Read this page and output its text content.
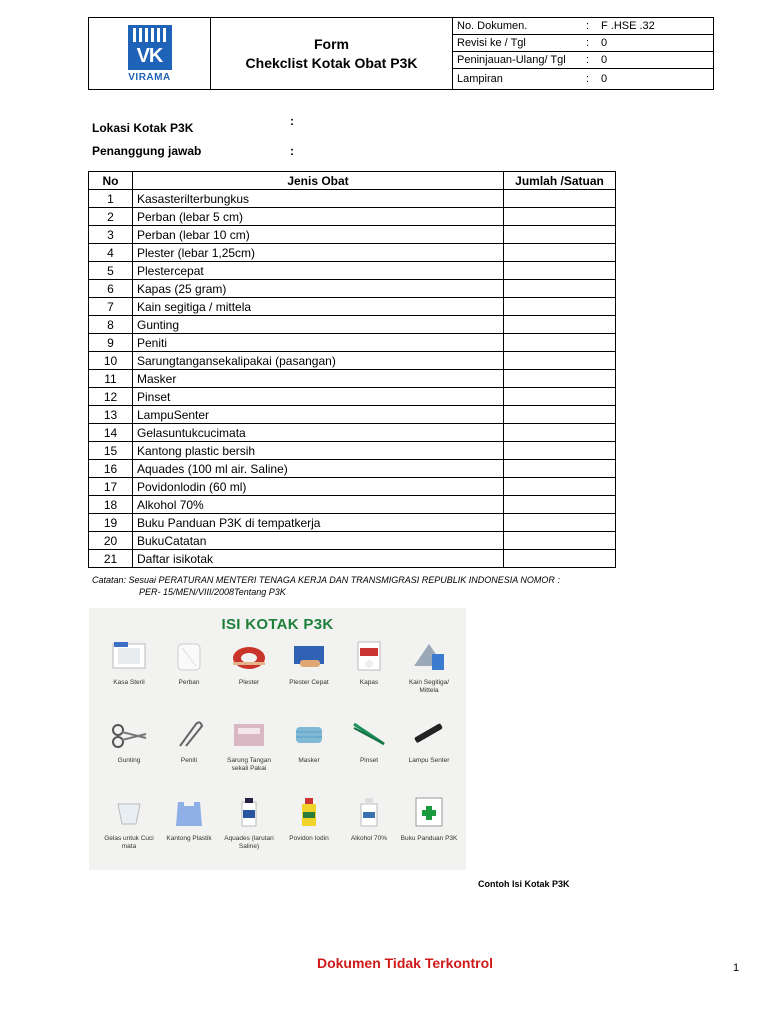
VK
VIRAMA
Form
Chekclist Kotak Obat P3K
No. Dokumen.	:	F .HSE .32
Revisi ke / Tgl	:	0
Peninjauan-Ulang/ Tgl	:	0
Lampiran	:	0
:
Lokasi Kotak P3K
Penanggung jawab	:
No	Jenis Obat	Jumlah /Satuan
1	Kasasterilterbungkus	
2	Perban (lebar 5 cm)	
3	Perban (lebar 10 cm)	
4	Plester (lebar 1,25cm)	
5	Plestercepat	
6	Kapas (25 gram)	
7	Kain segitiga / mittela	
8	Gunting	
9	Peniti	
10	Sarungtangansekalipakai (pasangan)	
11	Masker	
12	Pinset	
13	LampuSenter	
14	Gelasuntukcucimata	
15	Kantong plastic bersih	
16	Aquades (100 ml air. Saline)	
17	Povidonlodin (60 ml)	
18	Alkohol 70%	
19	Buku Panduan P3K di tempatkerja	
20	BukuCatatan	
21	Daftar isikotak	
Catatan: Sesuai PERATURAN MENTERI TENAGA KERJA DAN TRANSMIGRASI REPUBLIK INDONESIA NOMOR :
PER- 15/MEN/VIII/2008Tentang P3K
ISI KOTAK P3K
Kasa Steril	Perban	Plester	Plester Cepat	Kapas	Kain Segitiga/ Mittela
Gunting	Peniti	Sarung Tangan sekali Pakai
Masker	Pinset	Lampu Senter
Gelas untuk Cuci mata
Kantong Plastik	Aquades (larutan Saline)
Povidon Iodin	Alkohol 70%	Buku Panduan P3K
Contoh Isi Kotak P3K
Dokumen Tidak Terkontrol	1
